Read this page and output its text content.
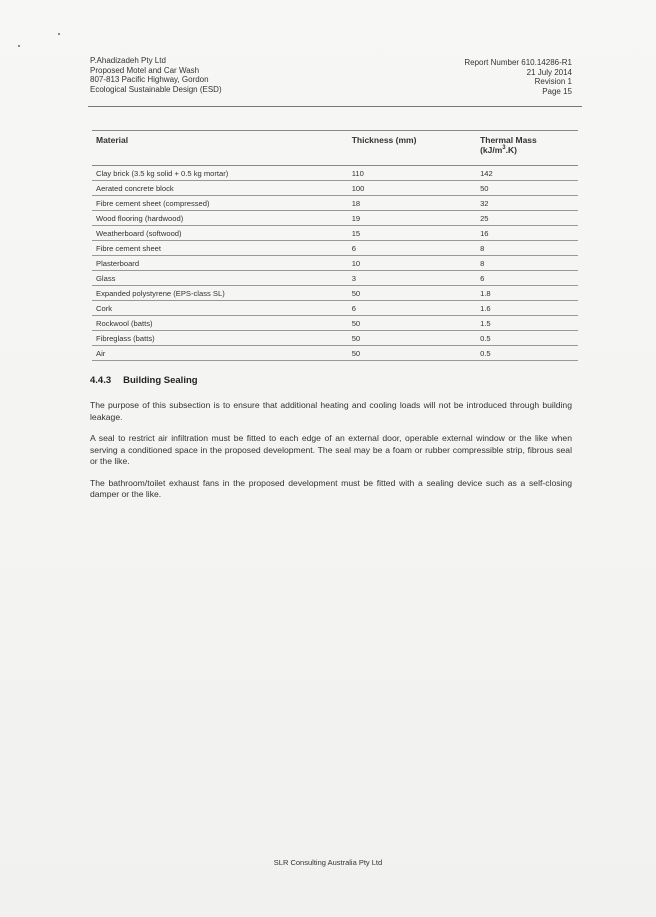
P.Ahadizadeh Pty Ltd
Proposed Motel and Car Wash
807-813 Pacific Highway, Gordon
Ecological Sustainable Design (ESD)
Report Number 610.14286-R1
21 July 2014
Revision 1
Page 15
Material	Thickness (mm)	Thermal Mass
$(kJ/m^3.K)$
Clay brick (3.5 kg solid + 0.5 kg mortar)	110	142
Aerated concrete block	100	50
Fibre cement sheet (compressed)	18	32
Wood flooring (hardwood)	19	25
Weatherboard (softwood)	15	16
Fibre cement sheet	6	8
Plasterboard	10	8
Glass	3	6
Expanded polystyrene (EPS-class SL)	50	1.8
Cork	6	1.6
Rockwool (batts)	50	1.5
Fibreglass (batts)	50	0.5
Air	50	0.5
4.4.3 Building Sealing

The purpose of this subsection is to ensure that additional heating and cooling loads will not be introduced through building leakage.

A seal to restrict air infiltration must be fitted to each edge of an external door, operable external window or the like when serving a conditioned space in the proposed development. The seal may be a foam or rubber compressible strip, fibrous seal or the like.

The bathroom/toilet exhaust fans in the proposed development must be fitted with a sealing device such as a self-closing damper or the like.

SLR Consulting Australia Pty Ltd
